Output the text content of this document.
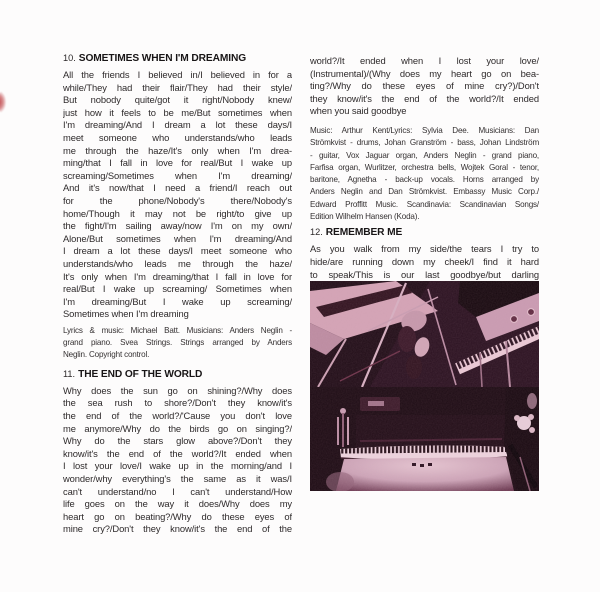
10. SOMETIMES WHEN I'M DREAMING
All the friends I believed in/I believed in for a
while/They had their flair/They had their style/
But nobody quite/got it right/Nobody knew/
just how it feels to be me/But sometimes when
I'm dreaming/And I dream a lot these days/I
meet someone who understands/who leads
me through the haze/It's only when I'm drea-
ming/that I fall in love for real/But I wake up
screaming/Sometimes when I'm dreaming/
And it's now/that I need a friend/I reach out
for the phone/Nobody's there/Nobody's
home/Though it may not be right/to give up
the fight/I'm sailing away/now I'm on my own/
Alone/But sometimes when I'm dreaming/And
I dream a lot these days/I meet someone who
understands/who leads me through the haze/
It's only when I'm dreaming/that I fall in love for
real/But I wake up screaming/ Sometimes when
I'm dreaming/But I wake up screaming/
Sometimes when I'm dreaming
Lyrics & music: Michael Batt. Musicians: Anders Neglin -
grand piano. Svea Strings. Strings arranged by Anders
Neglin. Copyright control.
11. THE END OF THE WORLD
Why does the sun go on shining?/Why does
the sea rush to shore?/Don't they know/it's
the end of the world?/'Cause you don't love
me anymore/Why do the birds go on singing?/
Why do the stars glow above?/Don't they
know/it's the end of the world?/It ended when
I lost your love/I wake up in the morning/and I
wonder/why everything's the same as it was/I
can't understand/no I can't understand/How
life goes on the way it does/Why does my
heart go on beating?/Why do these eyes of
mine cry?/Don't they know/it's the end of the
world?/It ended when I lost your love/
(Instrumental)/(Why does my heart go on bea-
ting?/Why do these eyes of mine cry?)/Don't
they know/it's the end of the world?/It ended
when you said goodbye
Music: Arthur Kent/Lyrics: Sylvia Dee. Musicians: Dan
Strömkvist - drums, Johan Granström - bass, Johan Lindström
- guitar, Vox Jaguar organ, Anders Neglin - grand piano,
Farfisa organ, Wurlitzer, orchestra bells, Wojtek Goral - tenor,
baritone, Agnetha - back-up vocals. Horns arranged by
Anders Neglin and Dan Strömkvist. Embassy Music Corp./
Edward Proffitt Music. Scandinavia: Scandinavian Songs/
Edition Wilhelm Hansen (Koda).
12. REMEMBER ME
As you walk from my side/the tears I try to
hide/are running down my cheek/I find it hard
to speak/This is our last goodbye/but darling
